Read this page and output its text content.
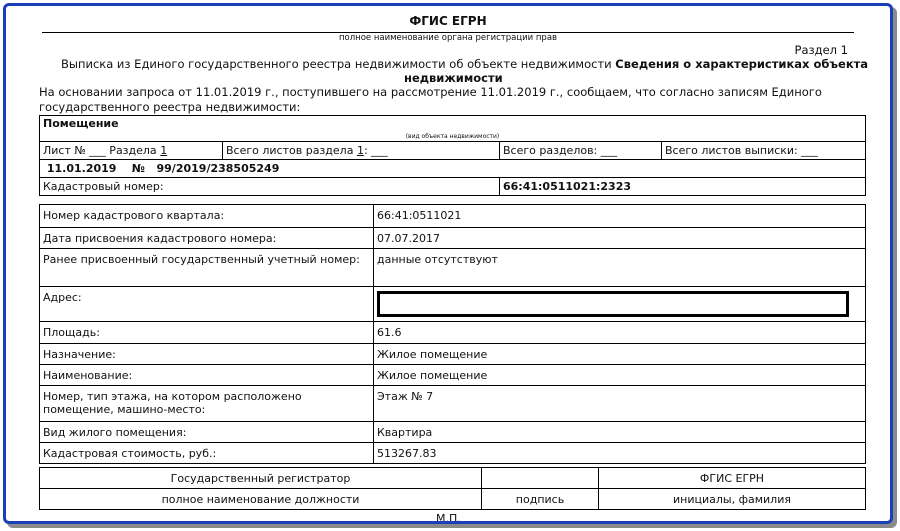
ФГИС ЕГРН
полное наименование органа регистрации прав
Раздел 1
Выписка из Единого государственного реестра недвижимости об объекте недвижимости Сведения о характеристиках объекта
недвижимости
На основании запроса от 11.01.2019 г., поступившего на рассмотрение 11.01.2019 г., сообщаем, что согласно записям Единого
государственного реестра недвижимости:
Помещение
(вид объекта недвижимости)
Лист № ___ Раздела 1	Всего листов раздела 1: ___	Всего разделов: ___	Всего листов выписки: ___
11.01.2019 № 99/2019/238505249
Кадастровый номер:	66:41:0511021:2323
Номер кадастрового квартала:	66:41:0511021
Дата присвоения кадастрового номера:	07.07.2017
Ранее присвоенный государственный учетный номер:	данные отсутствуют
Адрес:	
Площадь:	61.6
Назначение:	Жилое помещение
Наименование:	Жилое помещение
Номер, тип этажа, на котором расположено помещение, машино-место:	Этаж № 7
Вид жилого помещения:	Квартира
Кадастровая стоимость, руб.:	513267.83
Государственный регистратор		ФГИС ЕГРН
полное наименование должности	подпись	инициалы, фамилия
М.П.
